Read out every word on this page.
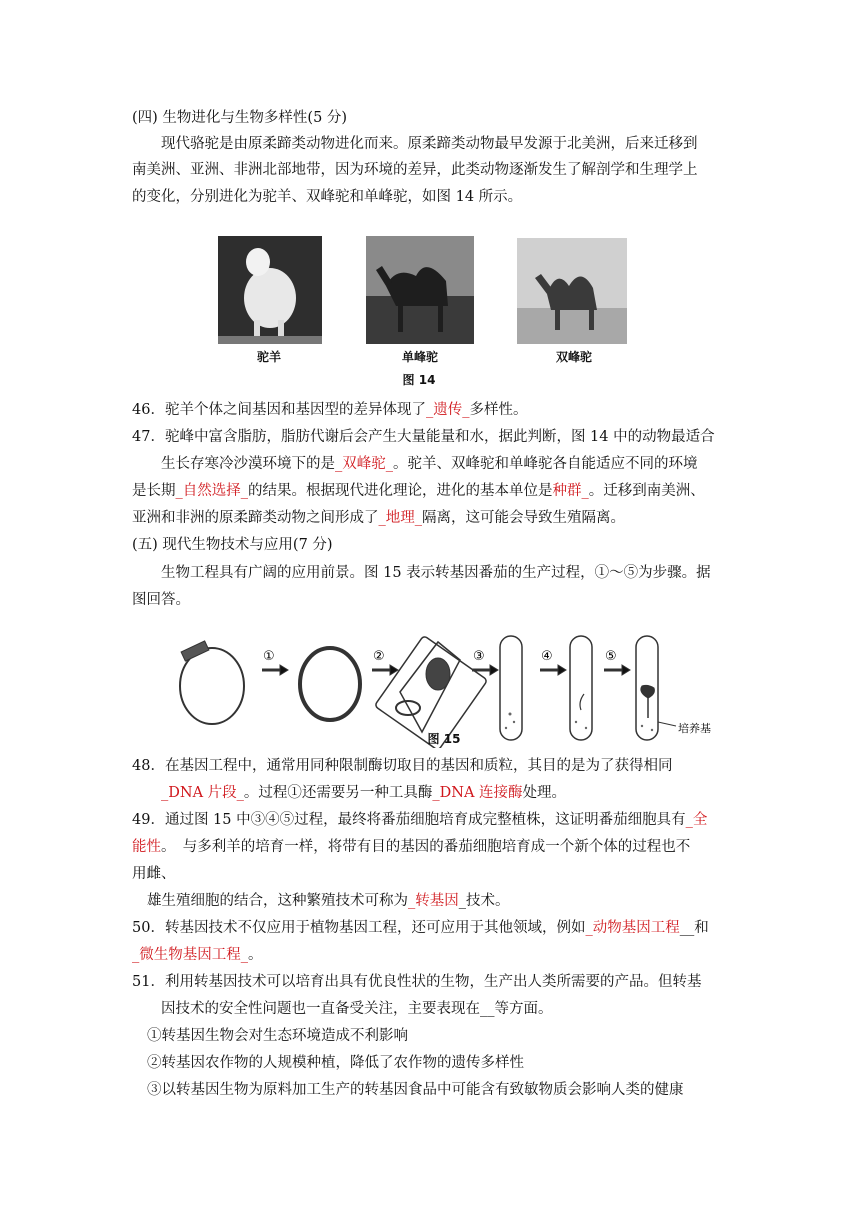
(四) 生物进化与生物多样性(5 分)
现代骆驼是由原柔蹄类动物进化而来。原柔蹄类动物最早发源于北美洲，后来迁移到
南美洲、亚洲、非洲北部地带，因为环境的差异，此类动物逐渐发生了解剖学和生理学上
的变化，分别进化为驼羊、双峰驼和单峰驼，如图 14 所示。
驼羊	单峰驼	双峰驼
图 14
46．驼羊个体之间基因和基因型的差异体现了_遗传_多样性。
47．驼峰中富含脂肪，脂肪代谢后会产生大量能量和水，据此判断，图 14 中的动物最适合
生长存寒冷沙漠环境下的是_双峰驼_。驼羊、双峰驼和单峰驼各自能适应不同的环境
是长期_自然选择_的结果。根据现代进化理论，进化的基本单位是种群_。迁移到南美洲、
亚洲和非洲的原柔蹄类动物之间形成了_地理_隔离，这可能会导致生殖隔离。
(五) 现代生物技术与应用(7 分)
生物工程具有广阔的应用前景。图 15 表示转基因番茄的生产过程，①～⑤为步骤。据
图回答。
①	②	③	④	⑤
培养基
图 15
48．在基因工程中，通常用同种限制酶切取目的基因和质粒，其目的是为了获得相同
_DNA 片段_。过程①还需要另一种工具酶_DNA 连接酶处理。
49．通过图 15 中③④⑤过程，最终将番茄细胞培育成完整植株，这证明番茄细胞具有_全
能性。　与多利羊的培育一样，将带有目的基因的番茄细胞培育成一个新个体的过程也不
用雌、
雄生殖细胞的结合，这种繁殖技术可称为_转基因_技术。
50．转基因技术不仅应用于植物基因工程，还可应用于其他领域，例如_动物基因工程__和
_微生物基因工程_。
51．利用转基因技术可以培育出具有优良性状的生物，生产出人类所需要的产品。但转基
因技术的安全性问题也一直备受关注，主要表现在__等方面。
①转基因生物会对生态环境造成不利影响
②转基因农作物的人规模种植，降低了农作物的遗传多样性
③以转基因生物为原料加工生产的转基因食品中可能含有致敏物质会影响人类的健康
